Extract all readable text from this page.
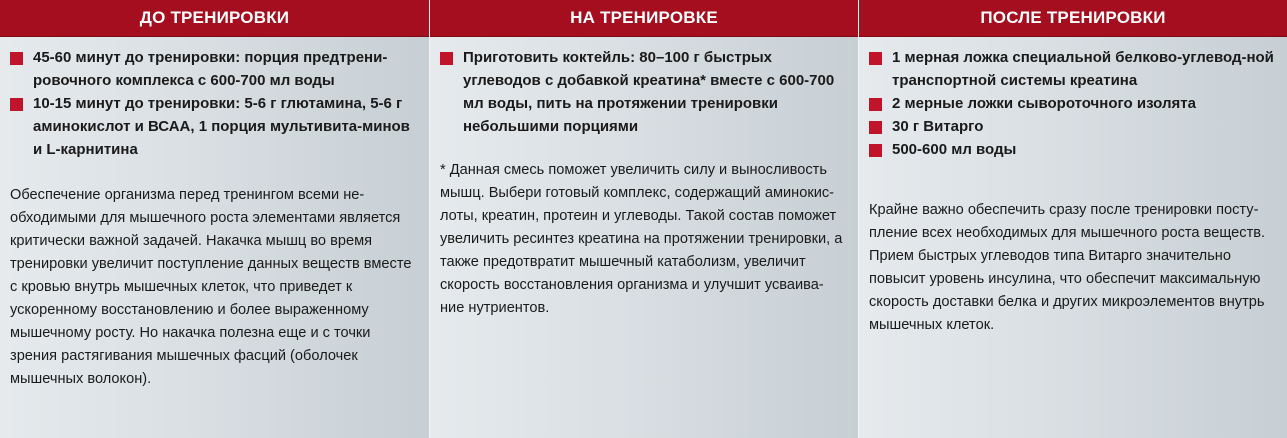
ДО ТРЕНИРОВКИ
45-60 минут до тренировки: порция предтрени-ровочного комплекса с 600-700 мл воды
10-15 минут до тренировки: 5-6 г глютамина, 5-6 г аминокислот и ВСАА, 1 порция мультивита-минов и L-карнитина

Обеспечение организма перед тренингом всеми не-обходимыми для мышечного роста элементами является критически важной задачей. Накачка мышц во время тренировки увеличит поступление данных веществ вместе с кровью внутрь мышечных клеток, что приведет к ускоренному восстановлению и более выраженному мышечному росту. Но накачка полезна еще и с точки зрения растягивания мышечных фасций (оболочек мышечных волокон).

НА ТРЕНИРОВКЕ
Приготовить коктейль: 80–100 г быстрых углеводов с добавкой креатина* вместе с 600-700 мл воды, пить на протяжении тренировки небольшими порциями

* Данная смесь поможет увеличить силу и выносливость мышц. Выбери готовый комплекс, содержащий аминокис-лоты, креатин, протеин и углеводы. Такой состав поможет увеличить ресинтез креатина на протяжении тренировки, а также предотвратит мышечный катаболизм, увеличит скорость восстановления организма и улучшит усваива-ние нутриентов.

ПОСЛЕ ТРЕНИРОВКИ
1 мерная ложка специальной белково-углевод-ной транспортной системы креатина
2 мерные ложки сывороточного изолята
30 г Витарго
500-600 мл воды

Крайне важно обеспечить сразу после тренировки посту-пление всех необходимых для мышечного роста веществ. Прием быстрых углеводов типа Витарго значительно повысит уровень инсулина, что обеспечит максимальную скорость доставки белка и других микроэлементов внутрь мышечных клеток.
